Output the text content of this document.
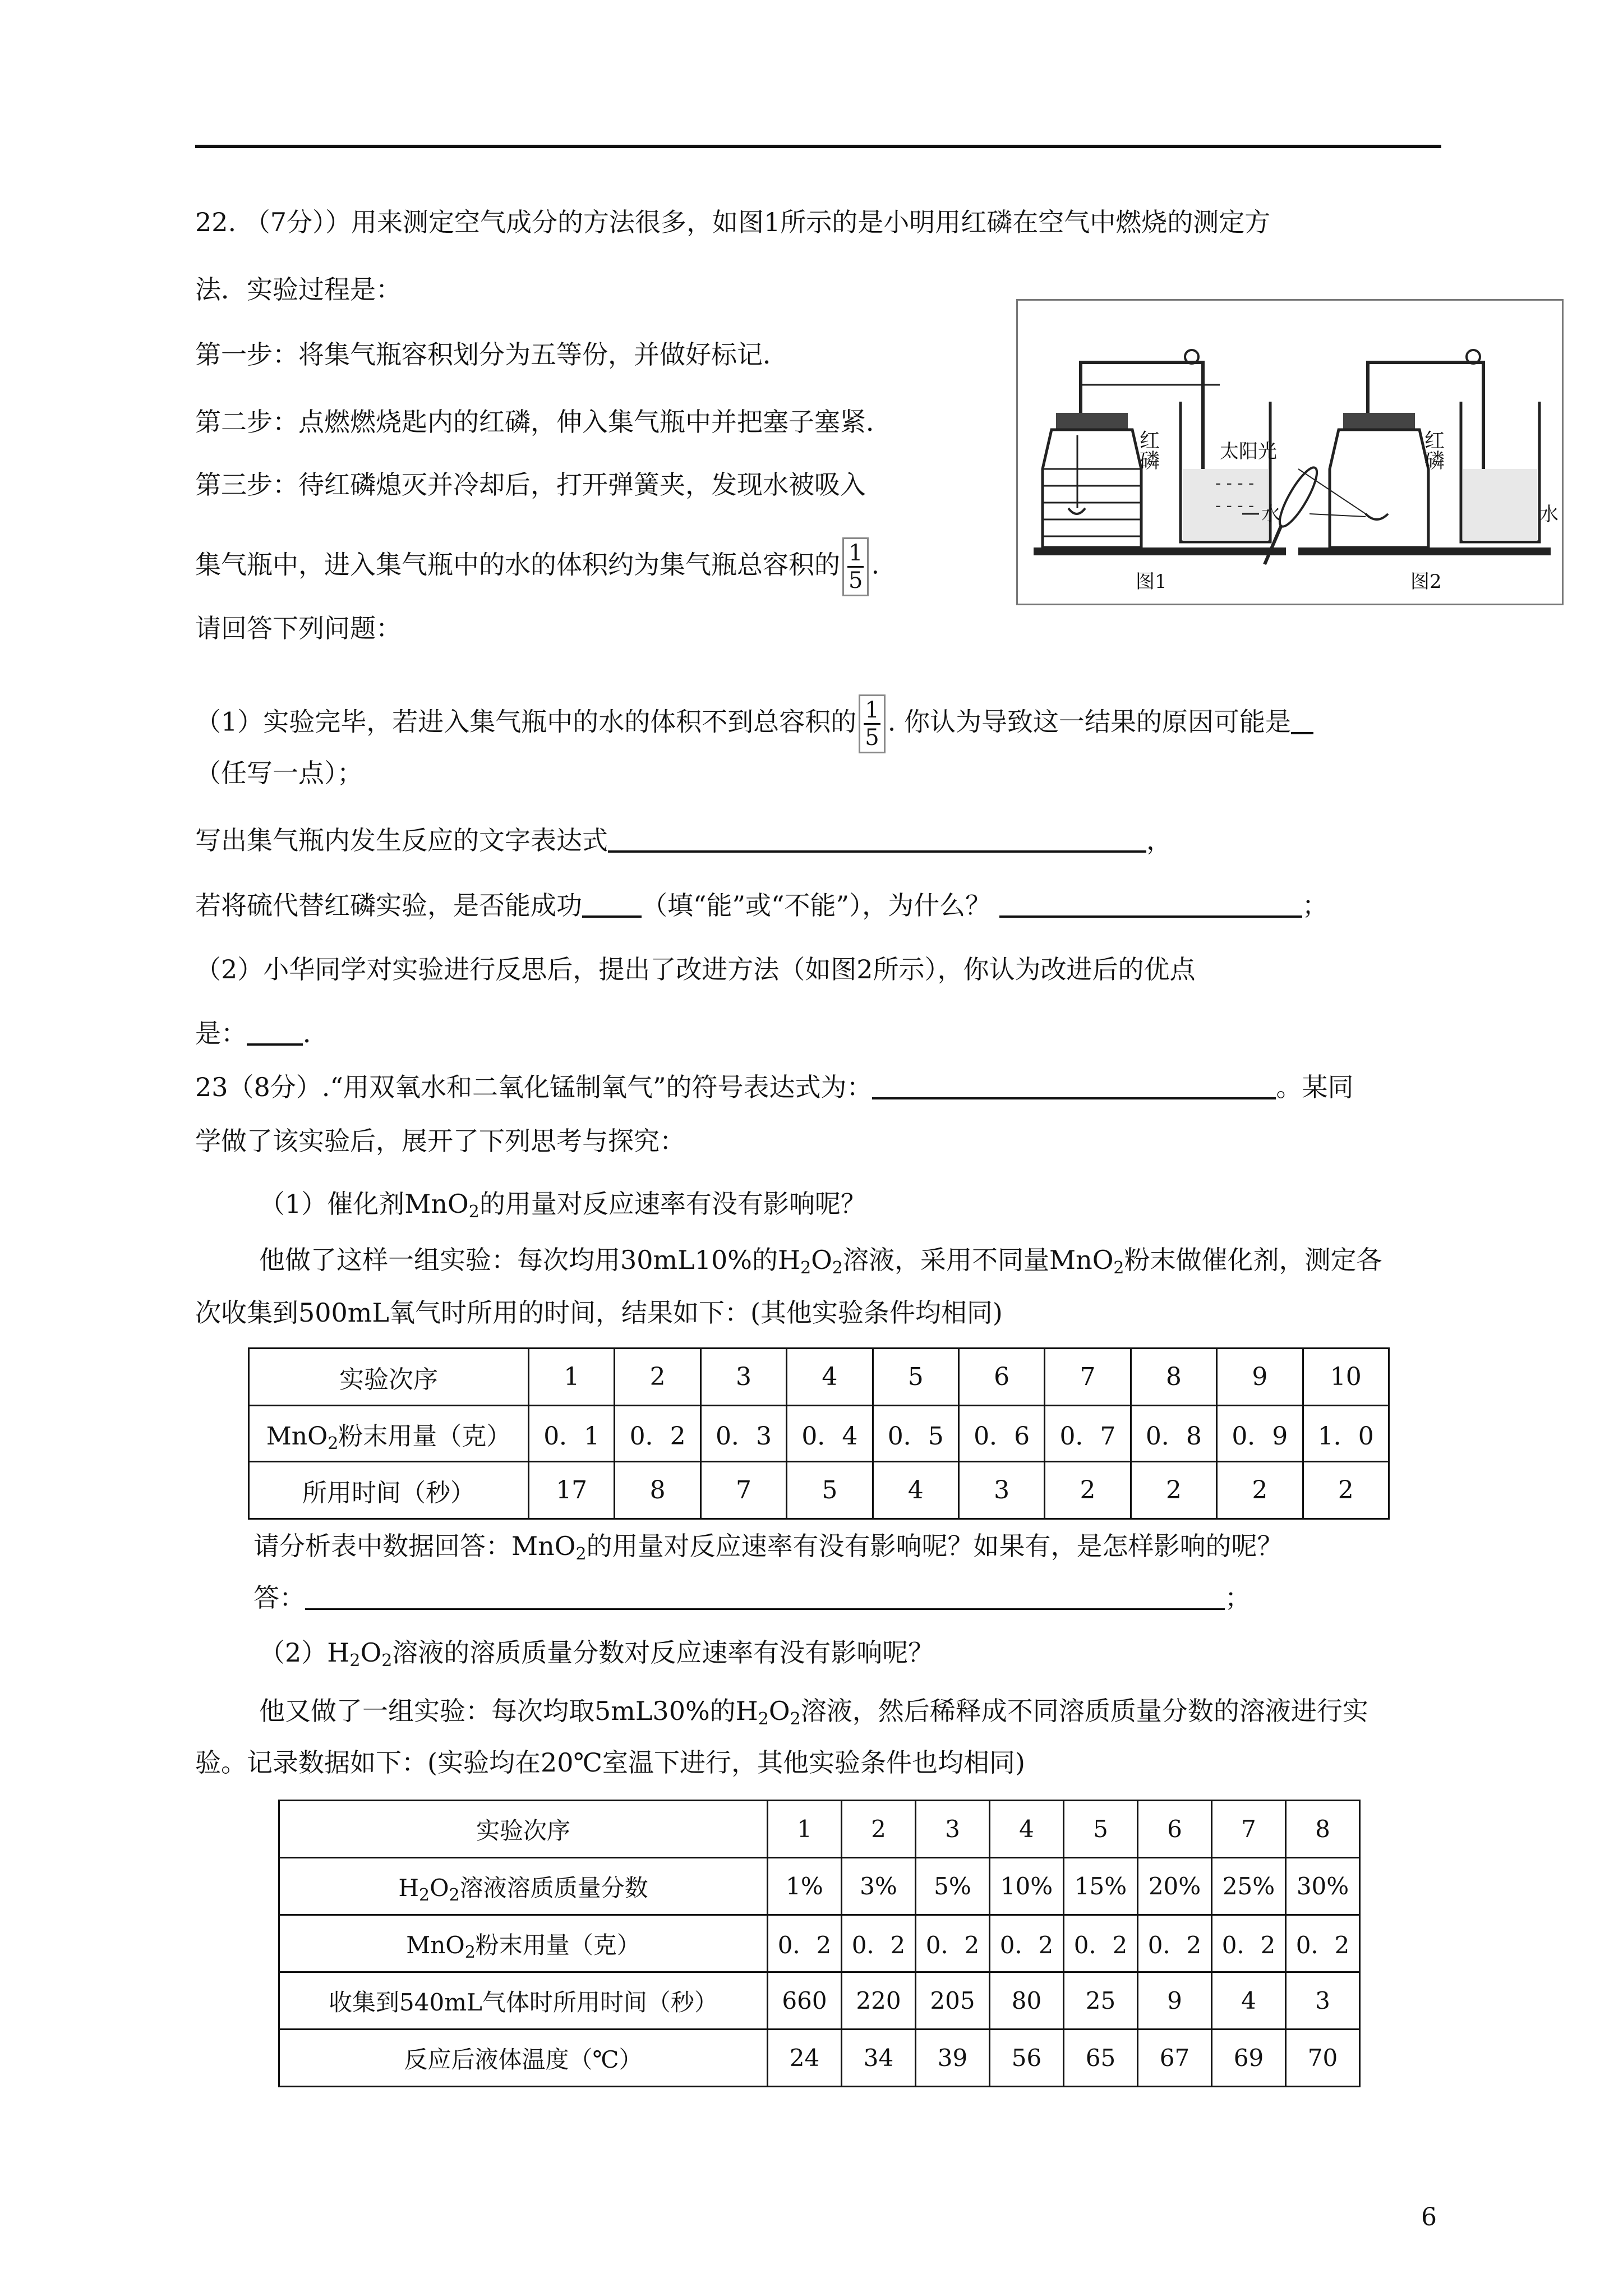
22. （7分））用来测定空气成分的方法很多，如图1所示的是小明用红磷在空气中燃烧的测定方
法．实验过程是：
第一步：将集气瓶容积划分为五等份，并做好标记．
第二步：点燃燃烧匙内的红磷，伸入集气瓶中并把塞子塞紧．
第三步：待红磷熄灭并冷却后，打开弹簧夹，发现水被吸入
集气瓶中，进入集气瓶中的水的体积约为集气瓶总容积的 $\frac{1}{5}$ .
红磷
- - - -
- - - - 水
图1
太阳光	红磷
水
图2
请回答下列问题：
（1）实验完毕，若进入集气瓶中的水的体积不到总容积的 $\frac{1}{5}$ . 你认为导致这一结果的原因可能是
（任写一点）；
写出集气瓶内发生反应的文字表达式	，
若将硫代替红磷实验，是否能成功 （填“能”或“不能”），为什么？	；
（2）小华同学对实验进行反思后，提出了改进方法（如图2所示），你认为改进后的优点
是： ．
23（8分）.“用双氧水和二氧化锰制氧气”的符号表达式为：	。某同
学做了该实验后，展开了下列思考与探究：
（1）催化剂MnO$_2$的用量对反应速率有没有影响呢？
他做了这样一组实验：每次均用30mL10%的$H_2O_2$溶液，采用不同量MnO$_2$粉末做催化剂，测定各
次收集到500mL氧气时所用的时间，结果如下：(其他实验条件均相同)
实验次序	1	2	3	4	5	6	7	8	9	10
MnO$_2$粉末用量（克）	0．1	0．2	0．3	0．4	0．5	0．6	0．7	0．8	0．9	1．0
所用时间（秒）	17	8	7	5	4	3	2	2	2	2
请分析表中数据回答：MnO$_2$的用量对反应速率有没有影响呢？如果有，是怎样影响的呢？
答：	；
$(2)H_2O_2$溶液的溶质质量分数对反应速率有没有影响呢？
他又做了一组实验：每次均取5mL30%的$H_2O_2$溶液，然后稀释成不同溶质质量分数的溶液进行实
验。记录数据如下：(实验均在20℃室温下进行，其他实验条件也均相同)
实验次序	1	2	3	4	5	6	7	8
$H_2O_2$溶液溶质质量分数	1%	3%	5%	10%	15%	20%	25%	30%
MnO$_2$粉末用量（克）	0．2	0．2	0．2	0．2	0．2	0．2	0．2	0．2
收集到540mL气体时所用时间（秒）	660	220	205	80	25	9	4	3
反应后液体温度（℃）	24	34	39	56	65	67	69	70
6
